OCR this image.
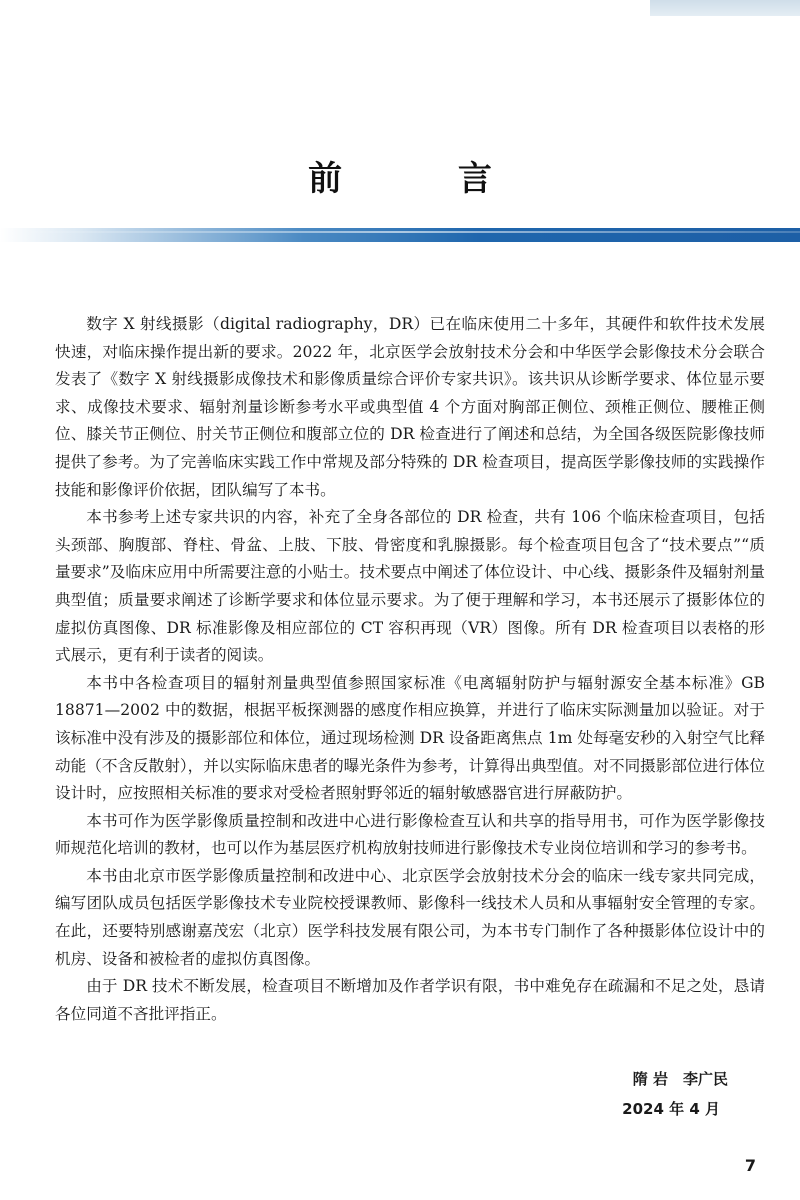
前 言

数字 X 射线摄影（digital radiography，DR）已在临床使用二十多年，其硬件和软件技术发展快速，对临床操作提出新的要求。2022 年，北京医学会放射技术分会和中华医学会影像技术分会联合发表了《数字 X 射线摄影成像技术和影像质量综合评价专家共识》。该共识从诊断学要求、体位显示要求、成像技术要求、辐射剂量诊断参考水平或典型值 4 个方面对胸部正侧位、颈椎正侧位、腰椎正侧位、膝关节正侧位、肘关节正侧位和腹部立位的 DR 检查进行了阐述和总结，为全国各级医院影像技师提供了参考。为了完善临床实践工作中常规及部分特殊的 DR 检查项目，提高医学影像技师的实践操作技能和影像评价依据，团队编写了本书。

本书参考上述专家共识的内容，补充了全身各部位的 DR 检查，共有 106 个临床检查项目，包括头颈部、胸腹部、脊柱、骨盆、上肢、下肢、骨密度和乳腺摄影。每个检查项目包含了“技术要点”“质量要求”及临床应用中所需要注意的小贴士。技术要点中阐述了体位设计、中心线、摄影条件及辐射剂量典型值；质量要求阐述了诊断学要求和体位显示要求。为了便于理解和学习，本书还展示了摄影体位的虚拟仿真图像、DR 标准影像及相应部位的 CT 容积再现（VR）图像。所有 DR 检查项目以表格的形式展示，更有利于读者的阅读。

本书中各检查项目的辐射剂量典型值参照国家标准《电离辐射防护与辐射源安全基本标准》GB 18871—2002 中的数据，根据平板探测器的感度作相应换算，并进行了临床实际测量加以验证。对于该标准中没有涉及的摄影部位和体位，通过现场检测 DR 设备距离焦点 1m 处每毫安秒的入射空气比释动能（不含反散射），并以实际临床患者的曝光条件为参考，计算得出典型值。对不同摄影部位进行体位设计时，应按照相关标准的要求对受检者照射野邻近的辐射敏感器官进行屏蔽防护。

本书可作为医学影像质量控制和改进中心进行影像检查互认和共享的指导用书，可作为医学影像技师规范化培训的教材，也可以作为基层医疗机构放射技师进行影像技术专业岗位培训和学习的参考书。

本书由北京市医学影像质量控制和改进中心、北京医学会放射技术分会的临床一线专家共同完成，编写团队成员包括医学影像技术专业院校授课教师、影像科一线技术人员和从事辐射安全管理的专家。在此，还要特别感谢嘉茂宏（北京）医学科技发展有限公司，为本书专门制作了各种摄影体位设计中的机房、设备和被检者的虚拟仿真图像。

由于 DR 技术不断发展，检查项目不断增加及作者学识有限，书中难免存在疏漏和不足之处，恳请各位同道不吝批评指正。

隋 岩　李广民
2024 年 4 月
7
